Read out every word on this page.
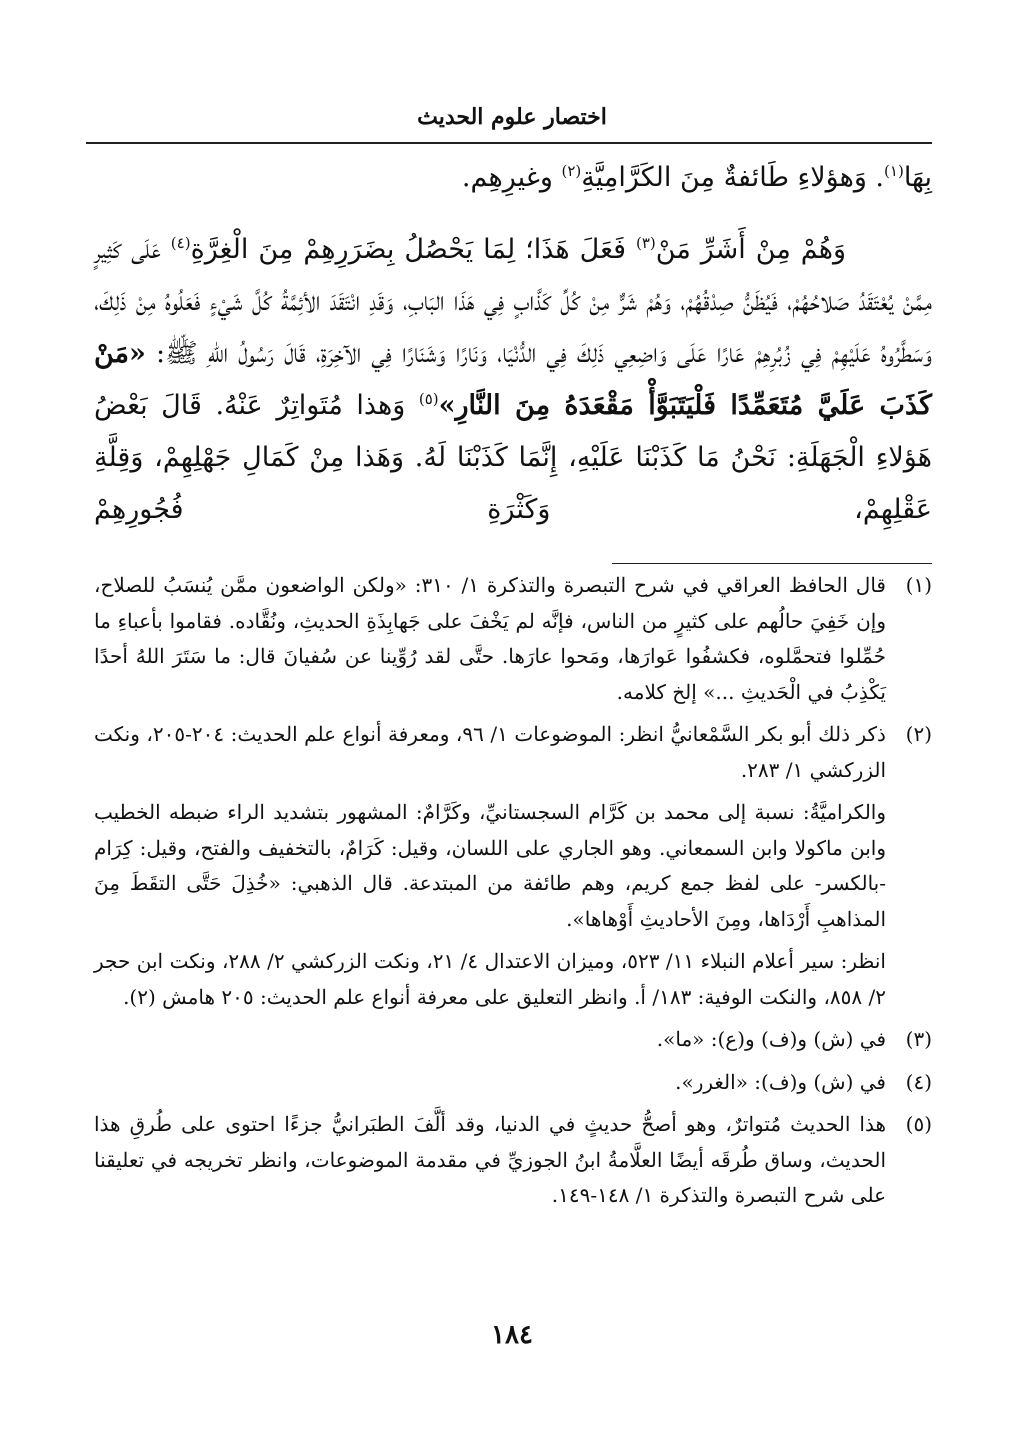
اختصار علوم الحديث

بِهَا$^{(١)}$. وَهؤلاءِ طَائفةٌ مِنَ الكَرَّامِيَّةِ$^{(٢)}$ وغيرِهِم.

وَهُمْ مِنْ أَشَرِّ مَنْ$^{(٣)}$ فَعَلَ هَذَا؛ لِمَا يَحْصُلُ بِضَرَرِهِمْ مِنَ الْغِرَّةِ$^{(٤)}$ عَلَى كَثِيرٍ مِمَّنْ يُعْتَقَدُ صَلاحُهُمْ، فَيُظَنُّ صِدْقُهُمْ، وَهُمْ شَرٌّ مِنْ كُلِّ كَذَّابٍ فِي هَذَا البَابِ، وَقَدِ انْتَقَدَ الأئِمَّةُ كُلَّ شَيْءٍ فَعَلُوهُ مِنْ ذَلِكَ، وَسَطَّرُوهُ عَلَيْهِمْ فِي زُبُرِهِمْ عَارًا عَلَى وَاضِعِي ذَلِكَ فِي الدُّنْيَا، وَنَارًا وَشَنَارًا فِي الآخِرَةِ، قَالَ رَسُولُ اللهِ ﷺ: «مَنْ كَذَبَ عَلَيَّ مُتَعَمِّدًا فَلْيَتَبَوَّأْ مَقْعَدَهُ مِنَ النَّارِ»$^{(٥)}$ وَهذا مُتَواتِرٌ عَنْهُ. قَالَ بَعْضُ هَؤلاءِ الْجَهَلَةِ: نَحْنُ مَا كَذَبْنَا عَلَيْهِ، إِنَّمَا كَذَبْنَا لَهُ. وَهَذا مِنْ كَمَالِ جَهْلِهِمْ، وَقِلَّةِ عَقْلِهِمْ، وَكَثْرَةِ فُجُورِهِمْ

(١)

قال الحافظ العراقي في شرح التبصرة والتذكرة ١/ ٣١٠: «ولكن الواضعون ممَّن يُنسَبُ للصلاح، وإن خَفِيَ حالُهم على كثيرٍ من الناس، فإنَّه لم يَخْفَ على جَهابِذَةِ الحديثِ، ونُقَّاده. فقاموا بأعباءِ ما حُمِّلوا فتحمَّلوه، فكشفُوا عَوارَها، ومَحوا عارَها. حتَّى لقد رُوِّينا عن سُفيانَ قال: ما سَتَرَ اللهُ أحدًا يَكْذِبُ في الْحَديثِ ...» إلخ كلامه.

(٢)

ذكر ذلك أبو بكر السَّمْعانيُّ انظر: الموضوعات ١/ ٩٦، ومعرفة أنواع علم الحديث: ٢٠٤-٢٠٥، ونكت الزركشي ١/ ٢٨٣.

والكراميَّةُ: نسبة إلى محمد بن كَرَّام السجستانيِّ، وكَرَّامٌ: المشهور بتشديد الراء ضبطه الخطيب وابن ماكولا وابن السمعاني. وهو الجاري على اللسان، وقيل: كَرَامٌ، بالتخفيف والفتح، وقيل: كِرَام -بالكسر- على لفظ جمع كريم، وهم طائفة من المبتدعة. قال الذهبي: «خُذِلَ حَتَّى التقَطَ مِنَ المذاهبِ أَرْدَاها، ومِنَ الأحاديثِ أَوْهاها».

انظر: سير أعلام النبلاء ١١/ ٥٢٣، وميزان الاعتدال ٤/ ٢١، ونكت الزركشي ٢/ ٢٨٨، ونكت ابن حجر ٢/ ٨٥٨، والنكت الوفية: ١٨٣/ أ. وانظر التعليق على معرفة أنواع علم الحديث: ٢٠٥ هامش (٢).

(٣)

في (ش) و(ف) و(ع): «ما».

(٤)

في (ش) و(ف): «الغرر».

(٥)

هذا الحديث مُتواترٌ، وهو أصحُّ حديثٍ في الدنيا، وقد ألَّفَ الطبَرانيُّ جزءًا احتوى على طُرقِ هذا الحديث، وساق طُرقَه أيضًا العلَّامةُ ابنُ الجوزيِّ في مقدمة الموضوعات، وانظر تخريجه في تعليقنا على شرح التبصرة والتذكرة ١/ ١٤٨-١٤٩.

١٨٤
